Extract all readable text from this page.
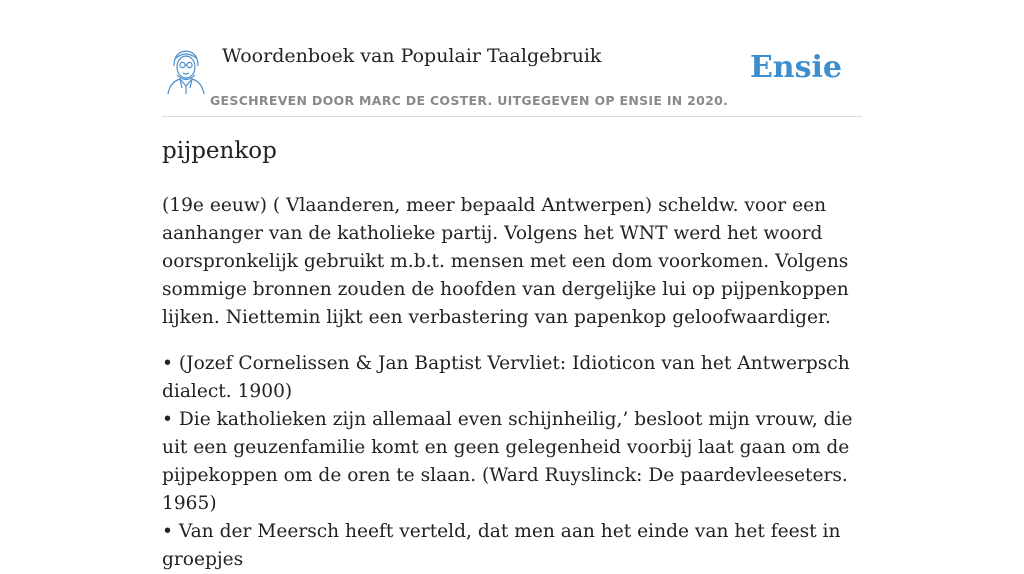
Woordenboek van Populair Taalgebruik
GESCHREVEN DOOR MARC DE COSTER. UITGEGEVEN OP ENSIE IN 2020.
Ensie
pijpenkop

(19e eeuw) ( Vlaanderen, meer bepaald Antwerpen) scheldw. voor een aanhanger van de katholieke partij. Volgens het WNT werd het woord oorspronkelijk gebruikt m.b.t. mensen met een dom voorkomen. Volgens sommige bronnen zouden de hoofden van dergelijke lui op pijpenkoppen lijken. Niettemin lijkt een verbastering van papenkop geloofwaardiger.

• (Jozef Cornelissen & Jan Baptist Vervliet: Idioticon van het Antwerpsch dialect. 1900)
• Die katholieken zijn allemaal even schijnheilig,’ besloot mijn vrouw, die uit een geuzenfamilie komt en geen gelegenheid voorbij laat gaan om de pijpekoppen om de oren te slaan. (Ward Ruyslinck: De paardevleeseters. 1965)
• Van der Meersch heeft verteld, dat men aan het einde van het feest in groepjes
